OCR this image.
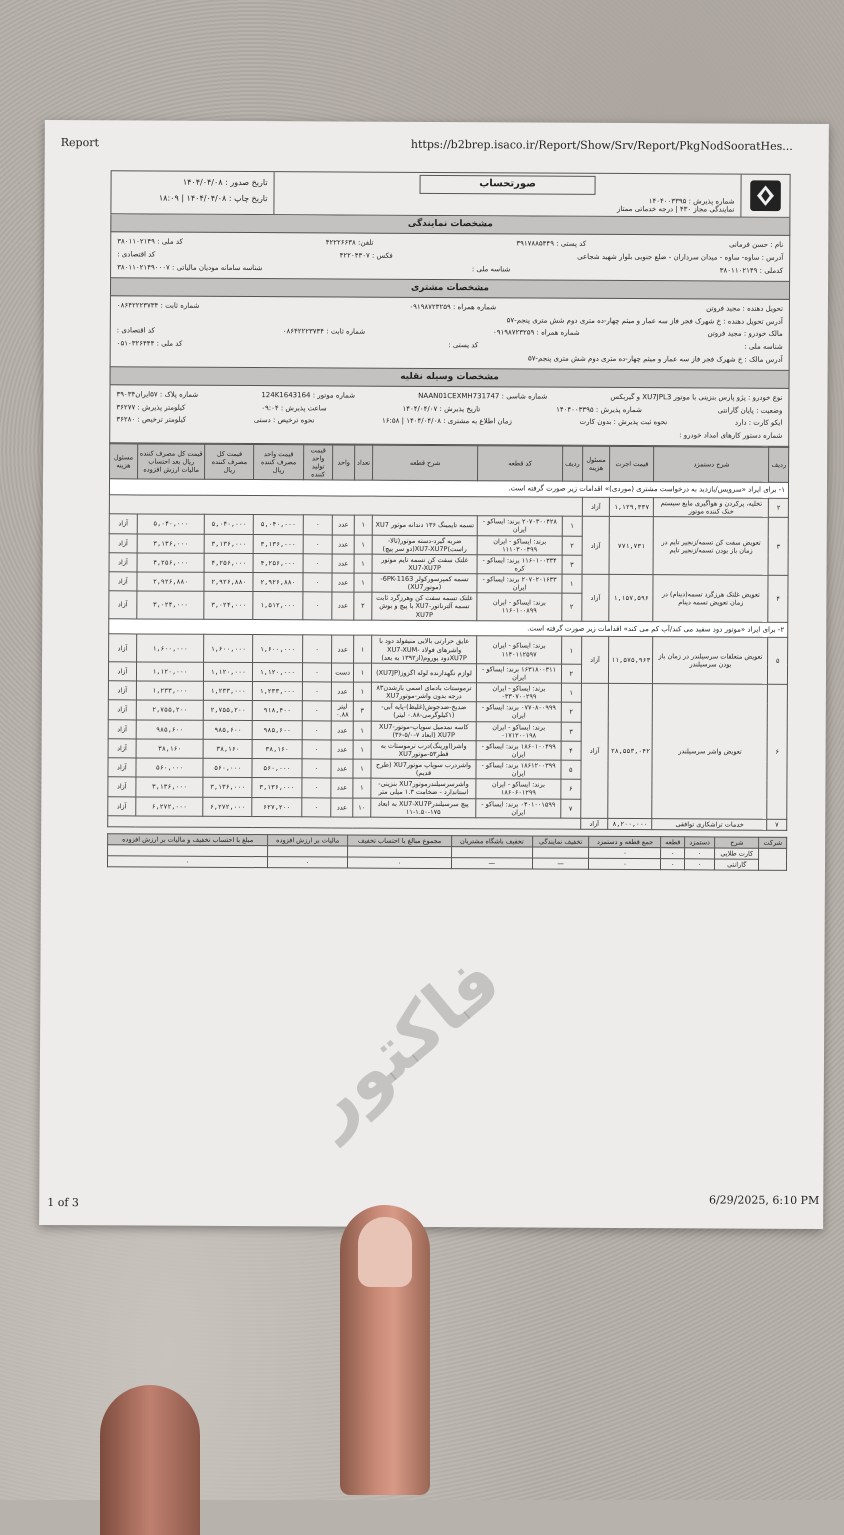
Report	https://b2brep.isaco.ir/Report/Show/Srv/Report/PkgNodSooratHes...
صورتحساب
شماره پذیرش : ۱۴۰۴۰۰۳۳۹۵
نمایندگی مجاز ۴۳۰ | درجه خدماتی ممتاز
تاریخ صدور : ۱۴۰۴/۰۴/۰۸
تاریخ چاپ : ۱۴۰۴/۰۴/۰۸ | ۱۸:۰۹
مشخصات نمایندگی
نام : حسن فرمانی
کد پستی : ۳۹۱۷۸۸۵۴۴۹
تلفن: ۴۲۲۲۶۶۳۸
کد ملی : ۳۸۰۱۱۰۲۱۴۹
آدرس : ساوه- ساوه - میدان سرداران - ضلع جنوبی بلوار شهید شجاعی
فکس : ۴۲۲۰۴۳۰۷
کد اقتصادی :
کدملی : ۳۸۰۱۱۰۲۱۴۹
شناسه ملی :
شناسه سامانه مودیان مالیاتی : ۳۸۰۱۱۰۲۱۴۹۰۰۰۷
مشخصات مشتری
تحویل دهنده : مجید فروتن
شماره همراه : ۰۹۱۹۸۷۲۳۲۵۹
شماره ثابت : ۰۸۶۴۲۲۲۳۷۳۴
آدرس تحویل دهنده : خ شهرک فجر فاز سه عمار و میثم چهار-ده متری دوم شش متری پنجم-۵۷
مالک خودرو : مجید فروتن
شماره همراه : ۰۹۱۹۸۷۲۳۲۵۹
شماره ثابت : ۰۸۶۴۲۲۲۳۷۳۴
کد اقتصادی :
شناسه ملی :
کد پستی :
کد ملی : ۰۵۱۰۳۲۶۴۴۴
آدرس مالک : خ شهرک فجر فاز سه عمار و میثم چهار-ده متری دوم شش متری پنجم-۵۷
مشخصات وسیله نقلیه
نوع خودرو : پژو پارس بنزینی با موتور XU7JPL3 و گیربکس
شماره شاسی : NAAN01CEXMH731747
شماره موتور : 124K1643164
شماره پلاک : ۵۷ایران۳۹۰۳۴
وضعیت : پایان گارانتی
شماره پذیرش : ۱۴۰۴۰۰۳۳۹۵
تاریخ پذیرش : ۱۴۰۴/۰۴/۰۷
ساعت پذیرش : ۰۹:۰۴
کیلومتر پذیرش : ۳۶۲۷۷
ایکو کارت : دارد
نحوه ثبت پذیرش : بدون کارت
زمان اطلاع به مشتری : ۱۴۰۴/۰۴/۰۸ | ۱۶:۵۸
نحوه ترخیص : دستی
کیلومتر ترخیص : ۳۶۲۸۰
شماره دستور کارهای امداد خودرو :
ردیف	شرح دستمزد	قیمت اجرت	مسئول هزینه	ردیف	کد قطعه	شرح قطعه	تعداد	واحد	قیمت واحد تولید کننده	قیمت واحد مصرف کننده ریال	قیمت کل مصرف کننده ریال	قیمت کل مصرف کننده ریال بعد احتساب مالیات ارزش افزوده	مسئول هزینه
۱- برای ایراد «سرویس/بازدید به درخواست مشتری (موردی)» اقدامات زیر صورت گرفته است.													
۲	تخلیه، پرکردن و هواگیری مایع سیستم خنک کننده موتور	۱,۱۲۹,۳۳۷	آزاد										
۳	تعویض سفت کن تسمه/زنجیر تایم در زمان باز بودن تسمه/زنجیر تایم	۷۷۱,۷۳۱	آزاد	۱	۲۰۷۰۳۰۰۴۲۸ برند: ایساکو - ایران	تسمه تایمینگ ۱۳۶ دندانه موتور XU7	۱	عدد	۰	۵,۰۴۰,۰۰۰	۵,۰۴۰,۰۰۰	۵,۰۴۰,۰۰۰	آزاد
				۲	برند: ایساکو - ایران ۱۱۱۰۳۰۰۴۹۹	ضربه گیرد-دسته موتور(تالا-راست)XU7-XU7P(دو سر پیچ)	۱	عدد	۰	۳,۱۳۶,۰۰۰	۳,۱۳۶,۰۰۰	۳,۱۳۶,۰۰۰	آزاد
				۳	۱۱۶۰۱۰۰۳۳۴ برند: ایساکو - کره	غلتک سفت کن تسمه تایم موتور XU7-XU7P	۱	عدد	۰	۴,۲۵۶,۰۰۰	۴,۲۵۶,۰۰۰	۴,۲۵۶,۰۰۰	آزاد
۴	تعویض غلتک هرزگرد تسمه(دینام) در زمان تعویض تسمه دینام	۱,۱۵۷,۵۹۶	آزاد	۱	۲۰۷۰۲۰۱۶۳۳ برند: ایساکو - ایران	تسمه کمپرسورکولر 6PK-1163-(موتورXU7)	۱	عدد	۰	۲,۹۲۶,۸۸۰	۲,۹۲۶,۸۸۰	۲,۹۲۶,۸۸۰	آزاد
				۲	برند: ایساکو - ایران ۱۱۶۰۱۰۰۸۹۹	غلتک تسمه سفت کن وهرزگرد ثابت تسمه آلترناتور-XU7 با پیچ و بوش XU7P	۲	عدد	۰	۱,۵۱۲,۰۰۰	۳,۰۲۴,۰۰۰	۳,۰۲۴,۰۰۰	آزاد
۲- برای ایراد «موتور دود سفید می کند/آب کم می کند» اقدامات زیر صورت گرفته است.													
۵	تعویض متعلقات سرسیلندر در زمان باز بودن سرسیلندر	۱۱,۵۷۵,۹۶۳	آزاد	۱	برند: ایساکو - ایران ۱۱۴۰۱۱۲۵۹۷	عایق حرارتی بالایی منیفولد دود با واشرهای فولاد XU7-XUM-XU7Pدود پوروم(از۱۳۹۲ به بعد)	۱	عدد	۰	۱,۶۰۰,۰۰۰	۱,۶۰۰,۰۰۰	۱,۶۰۰,۰۰۰	آزاد
				۲	۱۶۳۱۸۰۰۳۱۱ برند: ایساکو - ایران	لوازم نگهدارنده لوله اگزوز(XU7JP)	۱	دست	۰	۱,۱۲۰,۰۰۰	۱,۱۲۰,۰۰۰	۱,۱۲۰,۰۰۰	آزاد
۶	تعویض واشر سرسیلندر	۲۸,۵۵۳,۰۴۲	آزاد	۱	برند: ایساکو - ایران ۰۳۳۰۷۰۰۲۹۹	ترموستات بادمای اسمی بازشدن۸۳ درجه بدون واشر-موتورXU7	۱	عدد	۰	۱,۲۳۳,۰۰۰	۱,۲۳۳,۰۰۰	۱,۲۳۳,۰۰۰	آزاد
				۲	۰۷۷۰۸۰۰۹۹۹ برند: ایساکو - ایران	ضدیخ-ضدجوش(غلیظ)-پایه آبی-(۱کیلوگرمی-۰.۸۸ لیتر)	۳	لیتر ۰.۸۸	۰	۹۱۸,۴۰۰	۲,۷۵۵,۲۰۰	۲,۷۵۵,۲۰۰	آزاد
				۳	برند: ایساکو - ایران ۰۱۷۱۲۰۰۱۹۸	کاسه نمدمیل سوپاپ-موتورXU7-XU7P (ابعاد ۷-۵/۰-۳۶)	۱	عدد	۰	۹۸۵,۶۰۰	۹۸۵,۶۰۰	۹۸۵,۶۰۰	آزاد
				۴	۱۸۶۰۱۰۰۴۹۹ برند: ایساکو - ایران	واشر(اورینگ)درب ترموستات به قطر۵۳-موتورXU7	۱	عدد	۰	۳۸,۱۶۰	۳۸,۱۶۰	۳۸,۱۶۰	آزاد
				۵	۱۸۶۱۲۰۰۳۹۹ برند: ایساکو - ایران	واشردرب سوپاپ موتورXU7 (طرح قدیم)	۱	عدد	۰	۵۶۰,۰۰۰	۵۶۰,۰۰۰	۵۶۰,۰۰۰	آزاد
				۶	برند: ایساکو - ایران ۱۸۶۰۶۰۱۲۹۹	واشرسرسیلندرموتورXU7 بنزینی- استاندارد - ضخامت ۱.۳ میلی متر	۱	عدد	۰	۳,۱۳۶,۰۰۰	۳,۱۳۶,۰۰۰	۳,۱۳۶,۰۰۰	آزاد
				۷	۰۴۰۱۰۰۱۵۹۹ برند: ایساکو - ایران	پیچ سرسیلندرXU7-XU7P به ابعاد ۱۷۵-۱.۵۰-۱۱	۱۰	عدد	۰	۶۲۷,۲۰۰	۶,۲۷۲,۰۰۰	۶,۲۷۲,۰۰۰	آزاد
۷	خدمات تراشکاری توافقی	۸,۲۰۰,۰۰۰	آزاد										
شرکت	شرح	دستمزد	قطعه	جمع قطعه و دستمزد	تخفیف نمایندگی	تخفیف باشگاه مشتریان	مجموع مبالغ با احتساب تخفیف	مالیات بر ارزش افزوده	مبلغ با احتساب تخفیف و مالیات بر ارزش افزوده
	کارت طلایی	۰	۰	۰					
	گارانتی	۰	۰	۰	—	—	۰	۰	۰
فاکتور
1 of 3	6/29/2025, 6:10 PM
